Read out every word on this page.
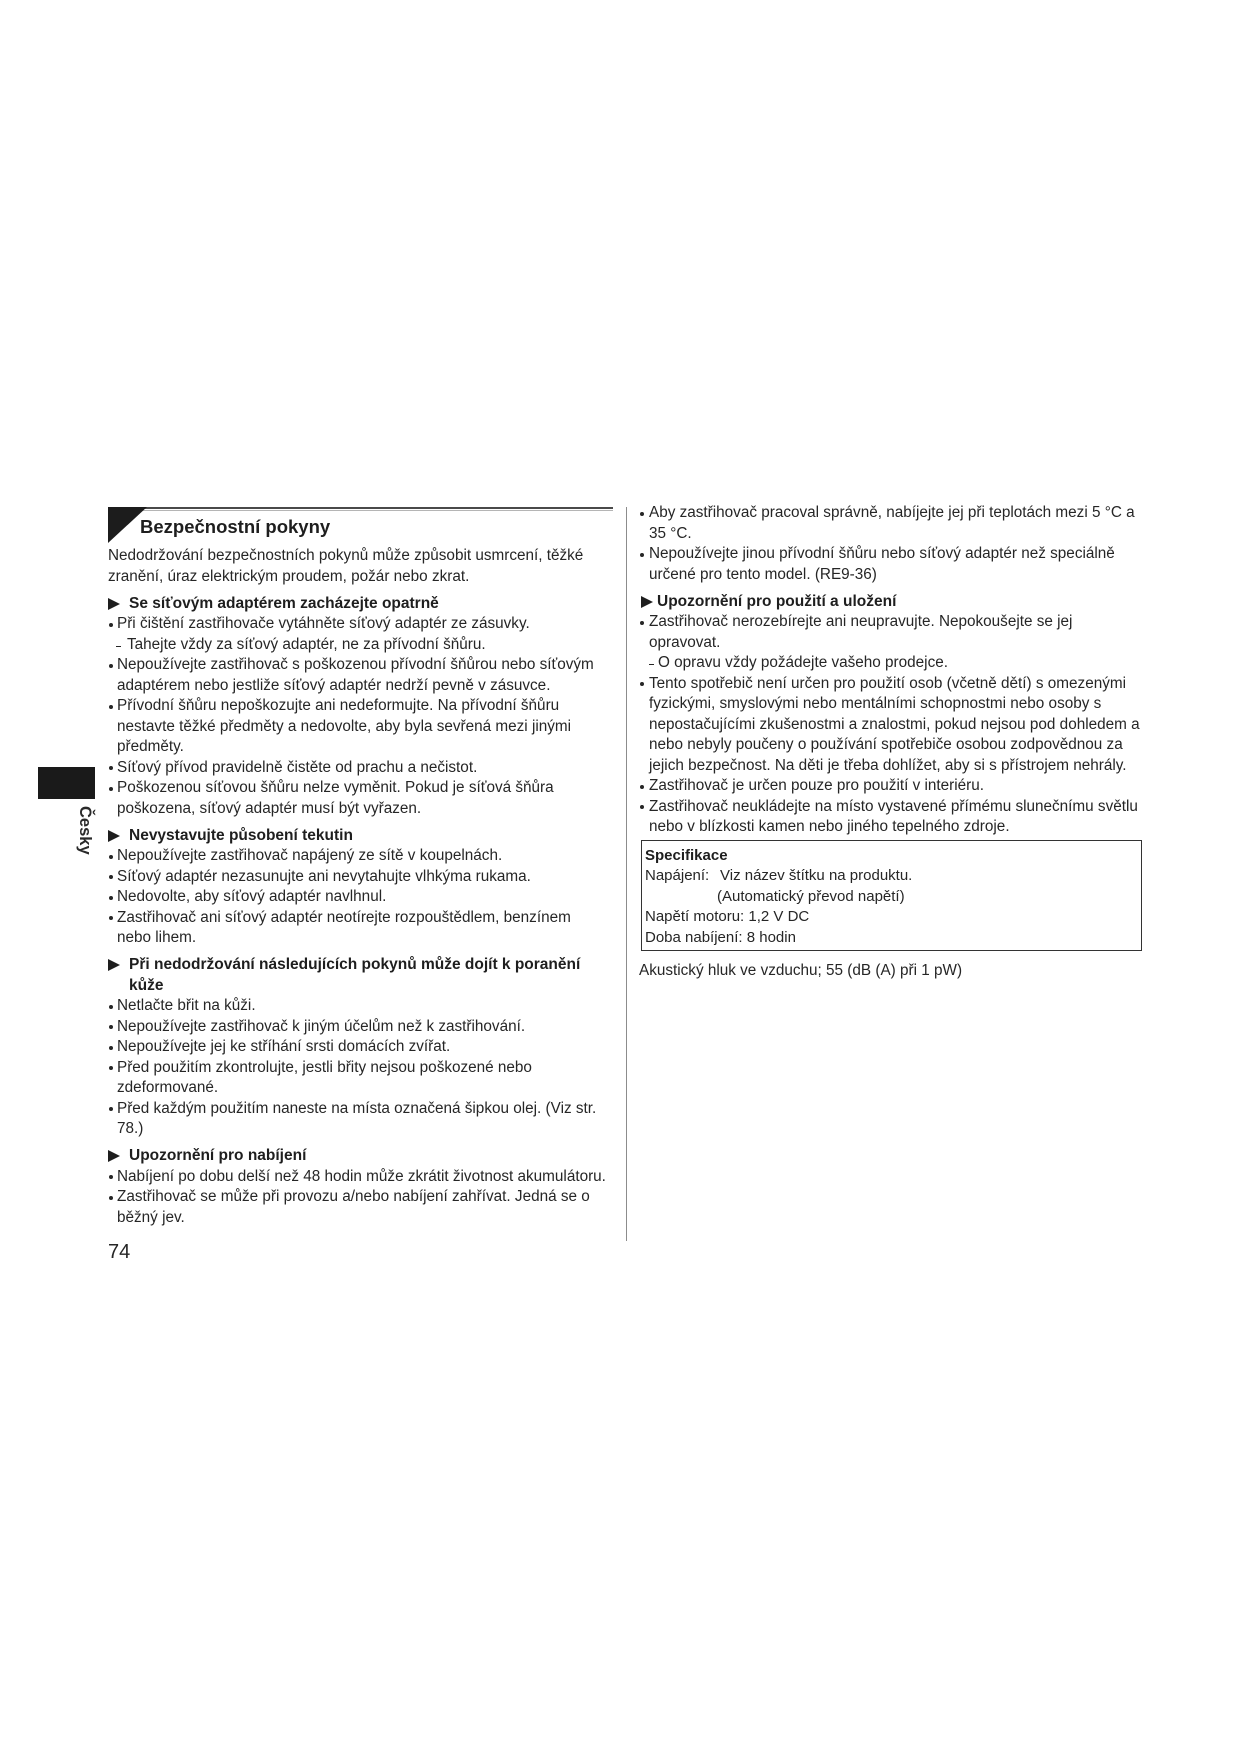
Česky
Bezpečnostní pokyny
Nedodržování bezpečnostních pokynů může způsobit usmrcení, těžké
zranění, úraz elektrickým proudem, požár nebo zkrat.
Se síťovým adaptérem zacházejte opatrně
Při čištění zastřihovače vytáhněte síťový adaptér ze zásuvky.
Tahejte vždy za síťový adaptér, ne za přívodní šňůru.
Nepoužívejte zastřihovač s poškozenou přívodní šňůrou nebo síťovým
adaptérem nebo jestliže síťový adaptér nedrží pevně v zásuvce.
Přívodní šňůru nepoškozujte ani nedeformujte. Na přívodní šňůru
nestavte těžké předměty a nedovolte, aby byla sevřená mezi jinými
předměty.
Síťový přívod pravidelně čistěte od prachu a nečistot.
Poškozenou síťovou šňůru nelze vyměnit. Pokud je síťová šňůra
poškozena, síťový adaptér musí být vyřazen.
Nevystavujte působení tekutin
Nepoužívejte zastřihovač napájený ze sítě v koupelnách.
Síťový adaptér nezasunujte ani nevytahujte vlhkýma rukama.
Nedovolte, aby síťový adaptér navlhnul.
Zastřihovač ani síťový adaptér neotírejte rozpouštědlem, benzínem
nebo lihem.
Při nedodržování následujících pokynů může dojít k poranění
kůže
Netlačte břit na kůži.
Nepoužívejte zastřihovač k jiným účelům než k zastřihování.
Nepoužívejte jej ke stříhání srsti domácích zvířat.
Před použitím zkontrolujte, jestli břity nejsou poškozené nebo
zdeformované.
Před každým použitím naneste na místa označená šipkou olej. (Viz str.
78.)
Upozornění pro nabíjení
Nabíjení po dobu delší než 48 hodin může zkrátit životnost akumulátoru.
Zastřihovač se může při provozu a/nebo nabíjení zahřívat. Jedná se o
běžný jev.
Aby zastřihovač pracoval správně, nabíjejte jej při teplotách mezi 5 °C a
35 °C.
Nepoužívejte jinou přívodní šňůru nebo síťový adaptér než speciálně
určené pro tento model. (RE9-36)
Upozornění pro použití a uložení
Zastřihovač nerozebírejte ani neupravujte. Nepokoušejte se jej
opravovat.
O opravu vždy požádejte vašeho prodejce.
Tento spotřebič není určen pro použití osob (včetně dětí) s omezenými
fyzickými, smyslovými nebo mentálními schopnostmi nebo osoby s
nepostačujícími zkušenostmi a znalostmi, pokud nejsou pod dohledem a
nebo nebyly poučeny o používání spotřebiče osobou zodpovědnou za
jejich bezpečnost. Na děti je třeba dohlížet, aby si s přístrojem nehrály.
Zastřihovač je určen pouze pro použití v interiéru.
Zastřihovač neukládejte na místo vystavené přímému slunečnímu světlu
nebo v blízkosti kamen nebo jiného tepelného zdroje.
Specifikace
Napájení: Viz název štítku na produktu.
(Automatický převod napětí)
Napětí motoru: 1,2 V DC
Doba nabíjení: 8 hodin
Akustický hluk ve vzduchu; 55 (dB (A) při 1 pW)
74
